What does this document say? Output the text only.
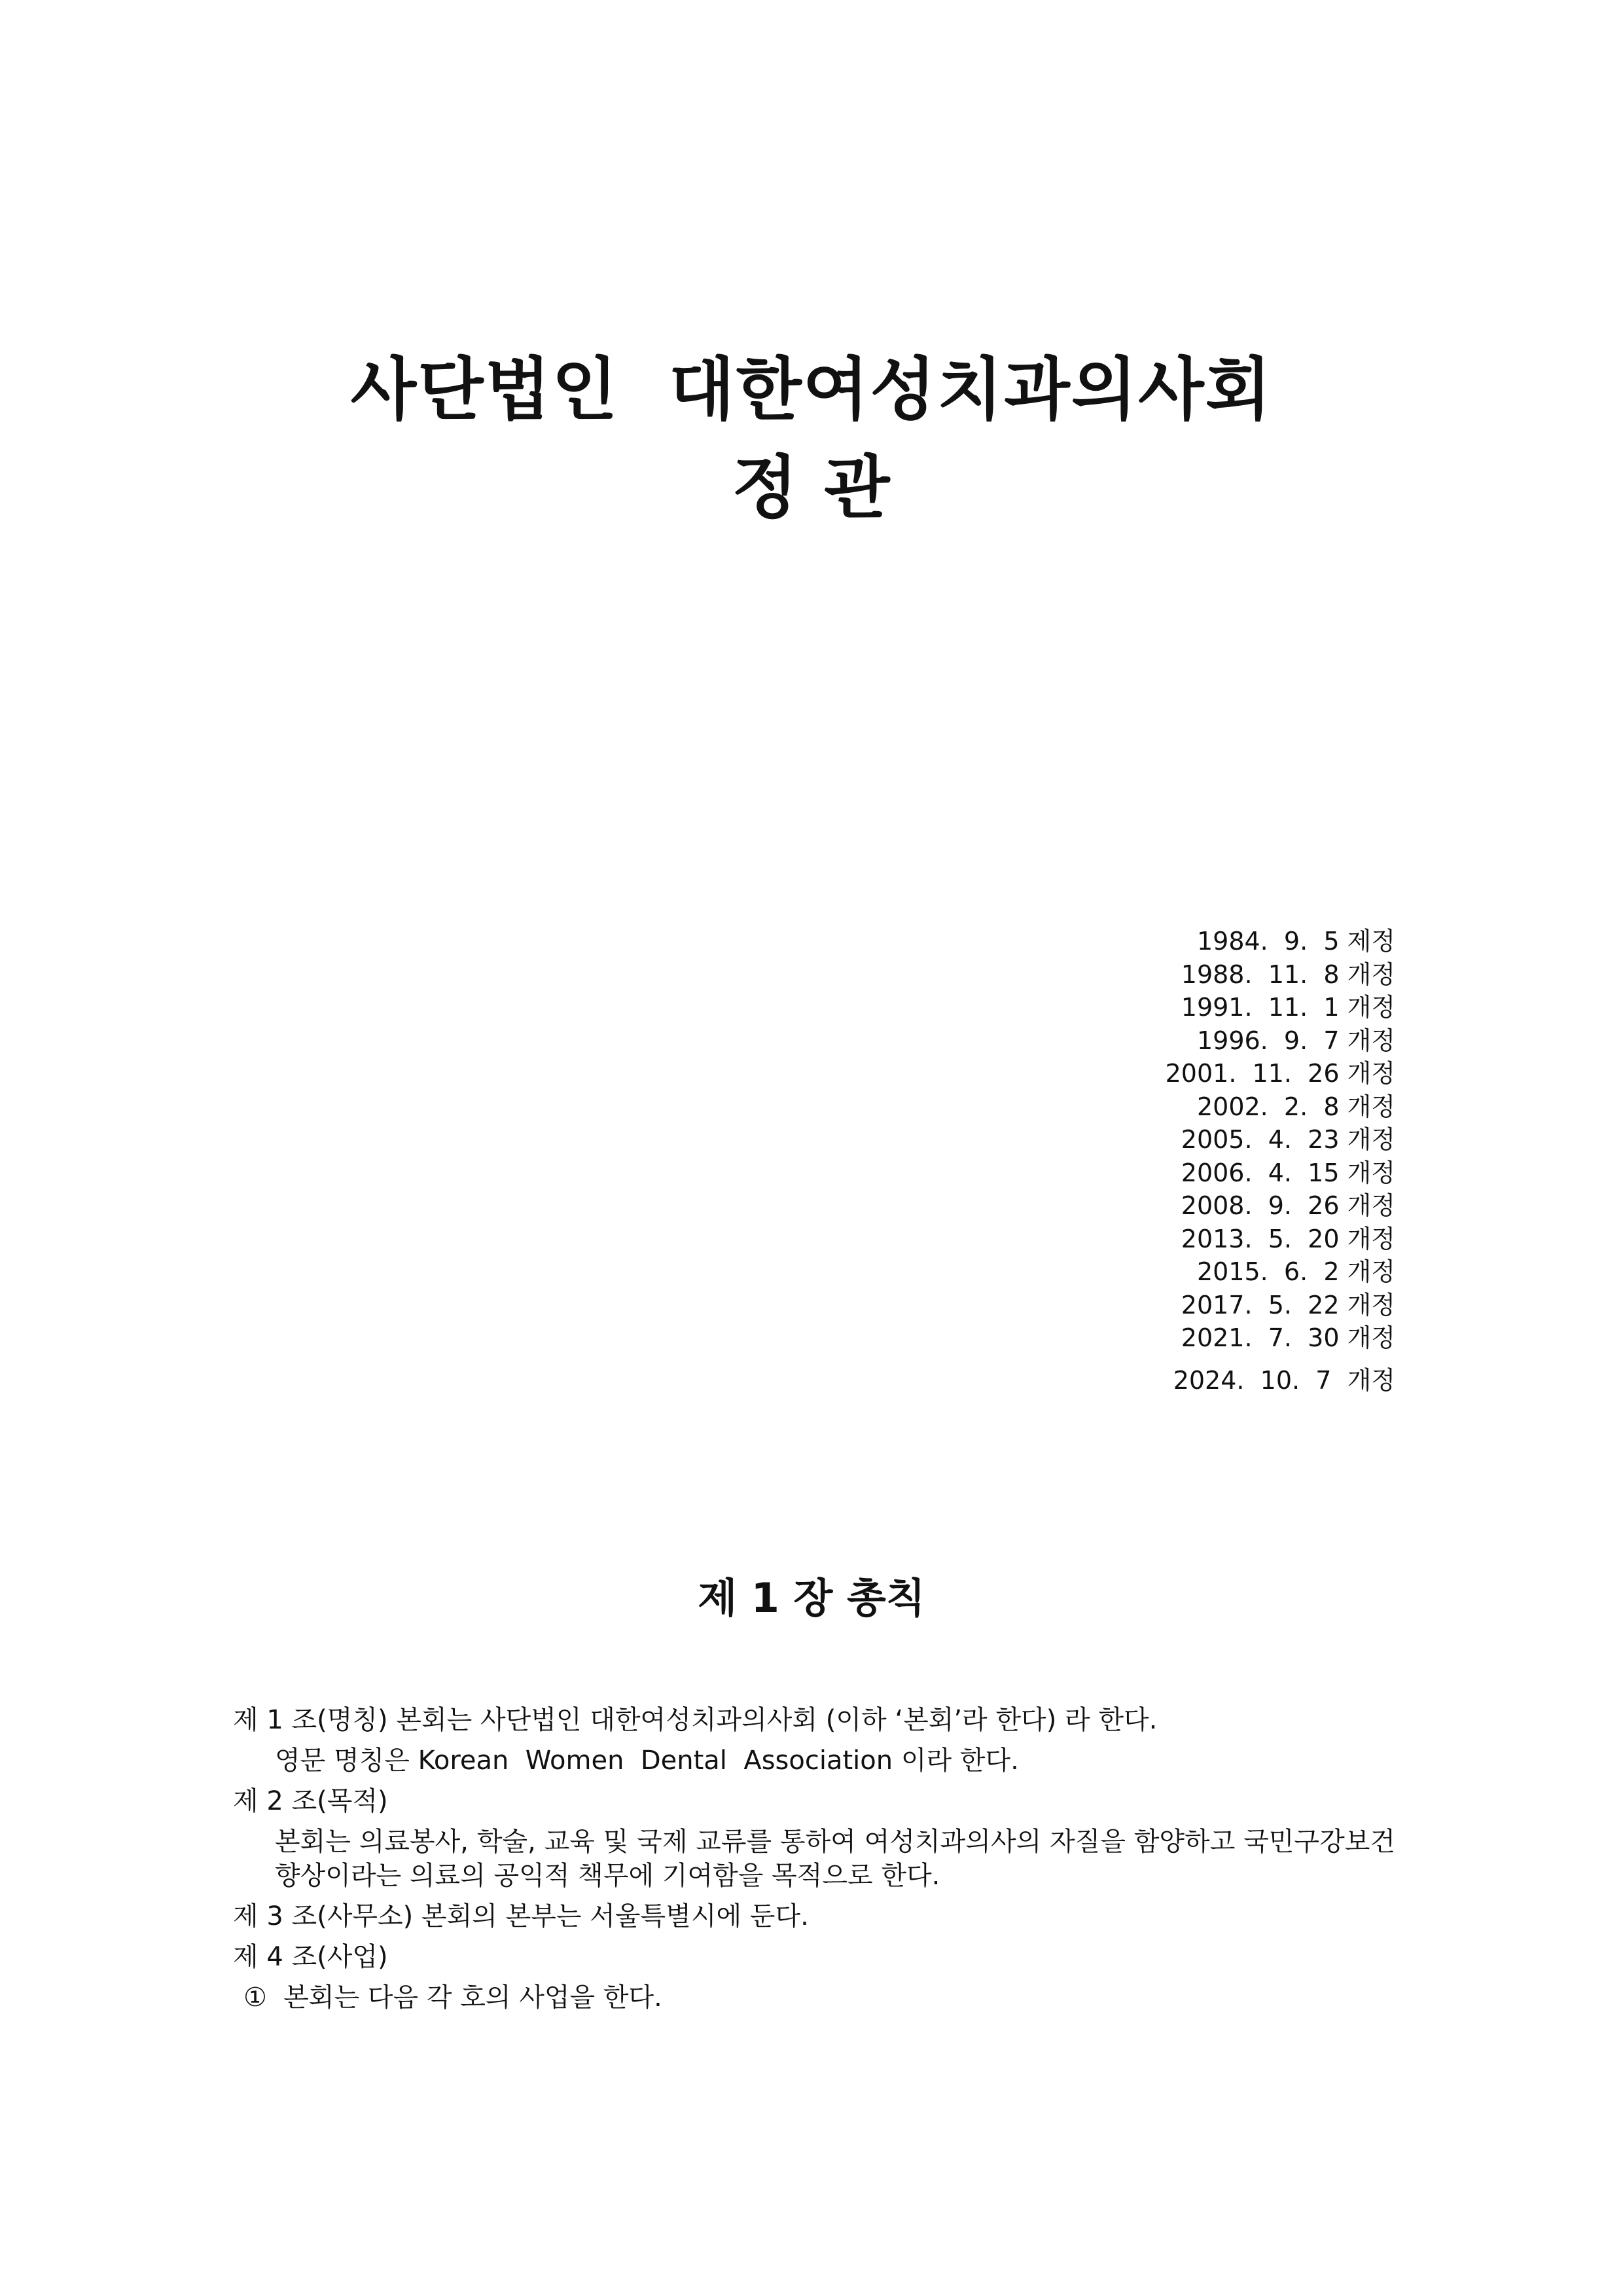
사단법인  대한여성치과의사회
정 관
1984.  9.  5 제정
1988.  11.  8 개정
1991.  11.  1 개정
1996.  9.  7 개정
2001.  11.  26 개정
2002.  2.  8 개정
2005.  4.  23 개정
2006.  4.  15 개정
2008.  9.  26 개정
2013.  5.  20 개정
2015.  6.  2 개정
2017.  5.  22 개정
2021.  7.  30 개정
2024.  10.  7  개정
제 1 장 총칙
제 1 조(명칭) 본회는 사단법인 대한여성치과의사회 (이하 ‘본회’라 한다) 라 한다.
영문 명칭은 Korean  Women  Dental  Association 이라 한다.
제 2 조(목적)
본회는 의료봉사, 학술, 교육 및 국제 교류를 통하여 여성치과의사의 자질을 함양하고 국민구강보건 향상이라는 의료의 공익적 책무에 기여함을 목적으로 한다.
제 3 조(사무소) 본회의 본부는 서울특별시에 둔다.
제 4 조(사업)
①  본회는 다음 각 호의 사업을 한다.
